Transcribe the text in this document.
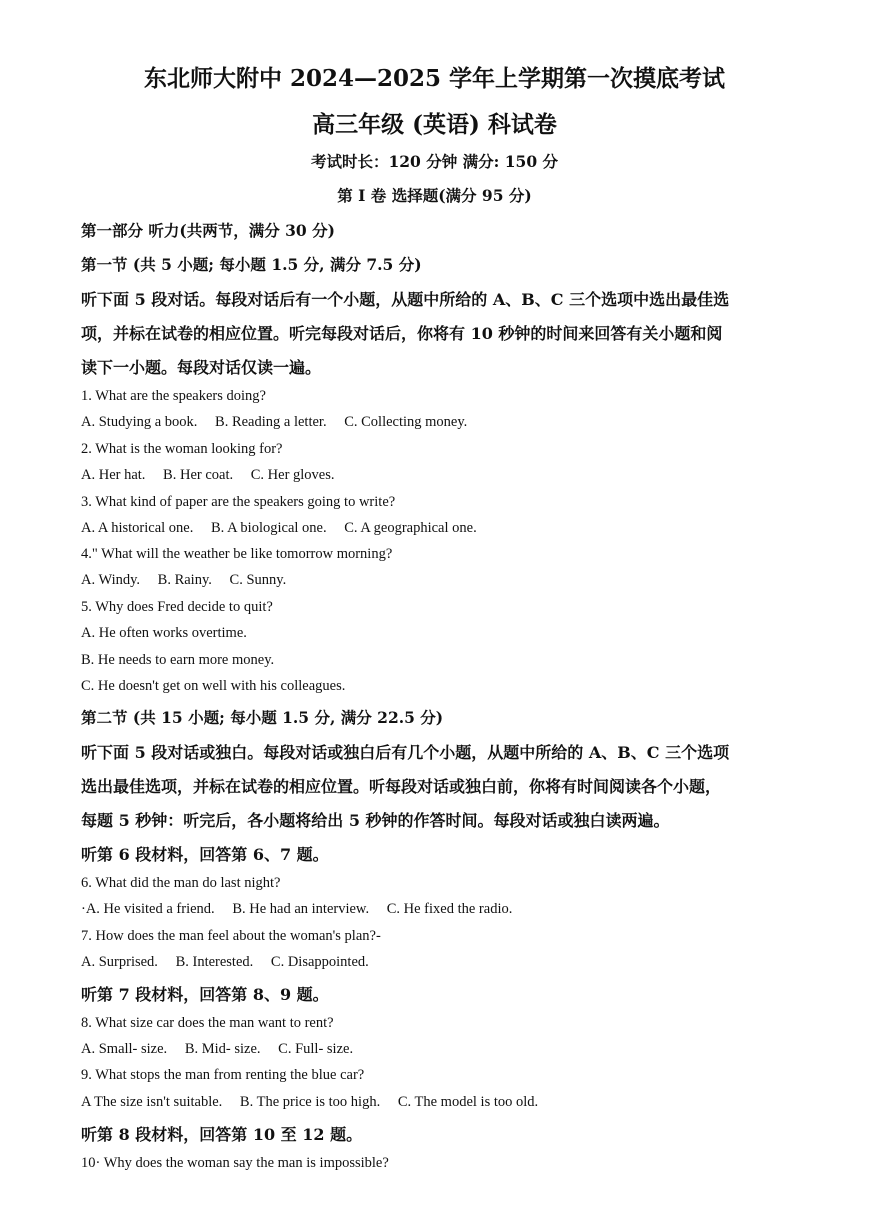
东北师大附中 2024—2025 学年上学期第一次摸底考试
高三年级 (英语) 科试卷
考试时长：120 分钟 满分: 150 分
第 I 卷 选择题(满分 95 分)
第一部分 听力(共两节，满分 30 分)
第一节 (共 5 小题; 每小题 1.5 分, 满分 7.5 分)
听下面 5 段对话。每段对话后有一个小题，从题中所给的 A、B、C 三个选项中选出最佳选
项，并标在试卷的相应位置。听完每段对话后，你将有 10 秒钟的时间来回答有关小题和阅
读下一小题。每段对话仅读一遍。
1. What are the speakers doing?
A. Studying a book. B. Reading a letter. C. Collecting money.
2. What is the woman looking for?
A. Her hat. B. Her coat. C. Her gloves.
3. What kind of paper are the speakers going to write?
A. A historical one. B. A biological one. C. A geographical one.
4." What will the weather be like tomorrow morning?
A. Windy. B. Rainy. C. Sunny.
5. Why does Fred decide to quit?
A. He often works overtime.
B. He needs to earn more money.
C. He doesn't get on well with his colleagues.
第二节 (共 15 小题; 每小题 1.5 分, 满分 22.5 分)
听下面 5 段对话或独白。每段对话或独白后有几个小题，从题中所给的 A、B、C 三个选项
选出最佳选项，并标在试卷的相应位置。听每段对话或独白前，你将有时间阅读各个小题，
每题 5 秒钟：听完后，各小题将给出 5 秒钟的作答时间。每段对话或独白读两遍。
听第 6 段材料，回答第 6、7 题。
6. What did the man do last night?
·A. He visited a friend. B. He had an interview. C. He fixed the radio.
7. How does the man feel about the woman's plan?-
A. Surprised. B. Interested. C. Disappointed.
听第 7 段材料，回答第 8、9 题。
8. What size car does the man want to rent?
A. Small- size. B. Mid- size. C. Full- size.
9. What stops the man from renting the blue car?
A The size isn't suitable. B. The price is too high. C. The model is too old.
听第 8 段材料，回答第 10 至 12 题。
10· Why does the woman say the man is impossible?
